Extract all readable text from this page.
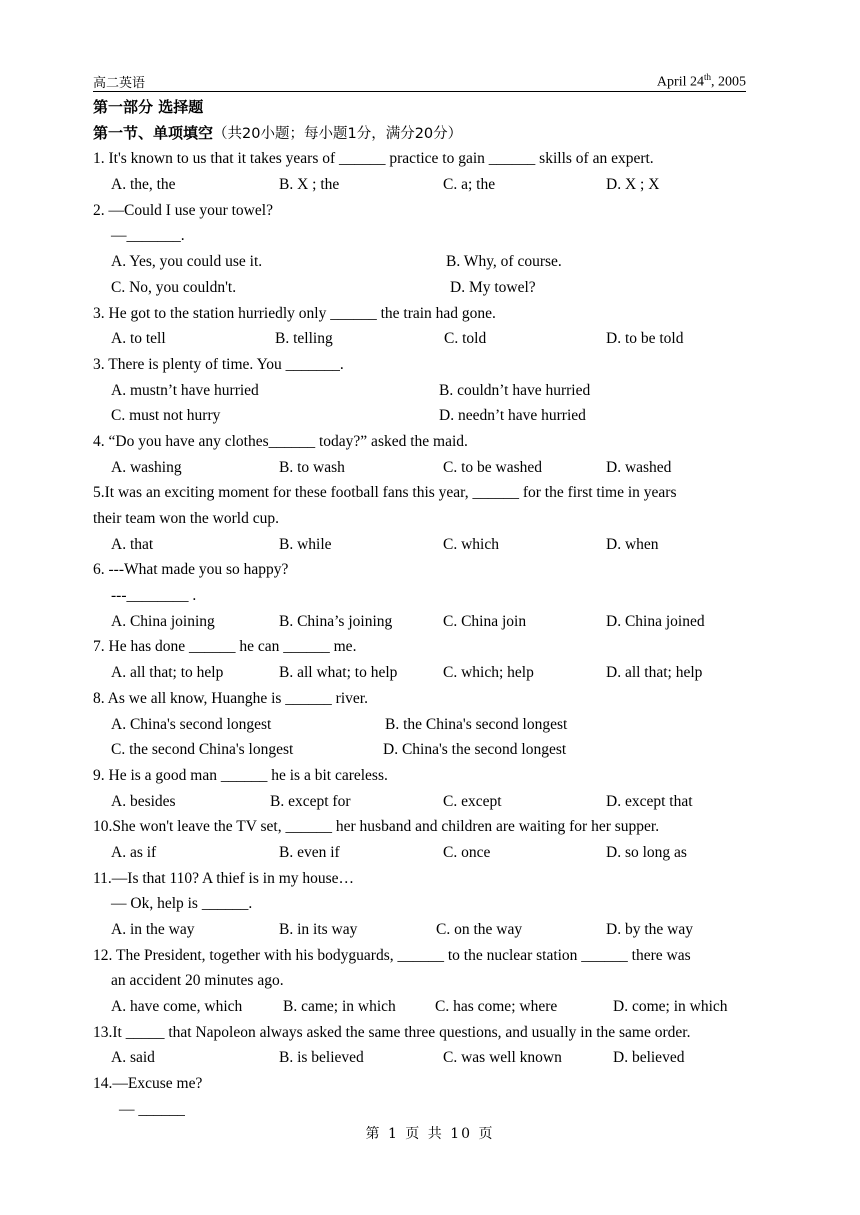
高二英语	April 24th, 2005
第一部分 选择题
第一节、单项填空（共20小题；每小题1分，满分20分）
1. It's known to us that it takes years of ______ practice to gain ______ skills of an expert.
A. the, the	B. X ; the	C. a; the	D. X ; X
2. —Could I use your towel?
—_______.
A. Yes, you could use it.	B. Why, of course.
C. No, you couldn't.	D. My towel?
3. He got to the station hurriedly only ______ the train had gone.
A. to tell	B. telling	C. told	D. to be told
3. There is plenty of time. You _______.
A. mustn’t have hurried	B. couldn’t have hurried
C. must not hurry	D. needn’t have hurried
4. “Do you have any clothes______ today?” asked the maid.
A. washing	B. to wash	C. to be washed	D. washed
5.It was an exciting moment for these football fans this year, ______ for the first time in years
their team won the world cup.
A. that	B. while	C. which	D. when
6. ---What made you so happy?
---________ .
A. China joining	B. China’s joining	C. China join	D. China joined
7. He has done ______ he can ______ me.
A. all that; to help	B. all what; to help	C. which; help	D. all that; help
8. As we all know, Huanghe is ______ river.
A. China's second longest	B. the China's second longest
C. the second China's longest	D. China's the second longest
9. He is a good man ______ he is a bit careless.
A. besides	B. except for	C. except	D. except that
10.She won't leave the TV set, ______ her husband and children are waiting for her supper.
A. as if	B. even if	C. once	D. so long as
11.—Is that 110? A thief is in my house…
— Ok, help is ______.
A. in the way	B. in its way	C. on the way	D. by the way
12. The President, together with his bodyguards, ______ to the nuclear station ______ there was
an accident 20 minutes ago.
A. have come, which	B. came; in which	C. has come; where	D. come; in which
13.It _____ that Napoleon always asked the same three questions, and usually in the same order.
A. said	B. is believed	C. was well known	D. believed
14.—Excuse me?
— ______
第 1 页 共 10 页
